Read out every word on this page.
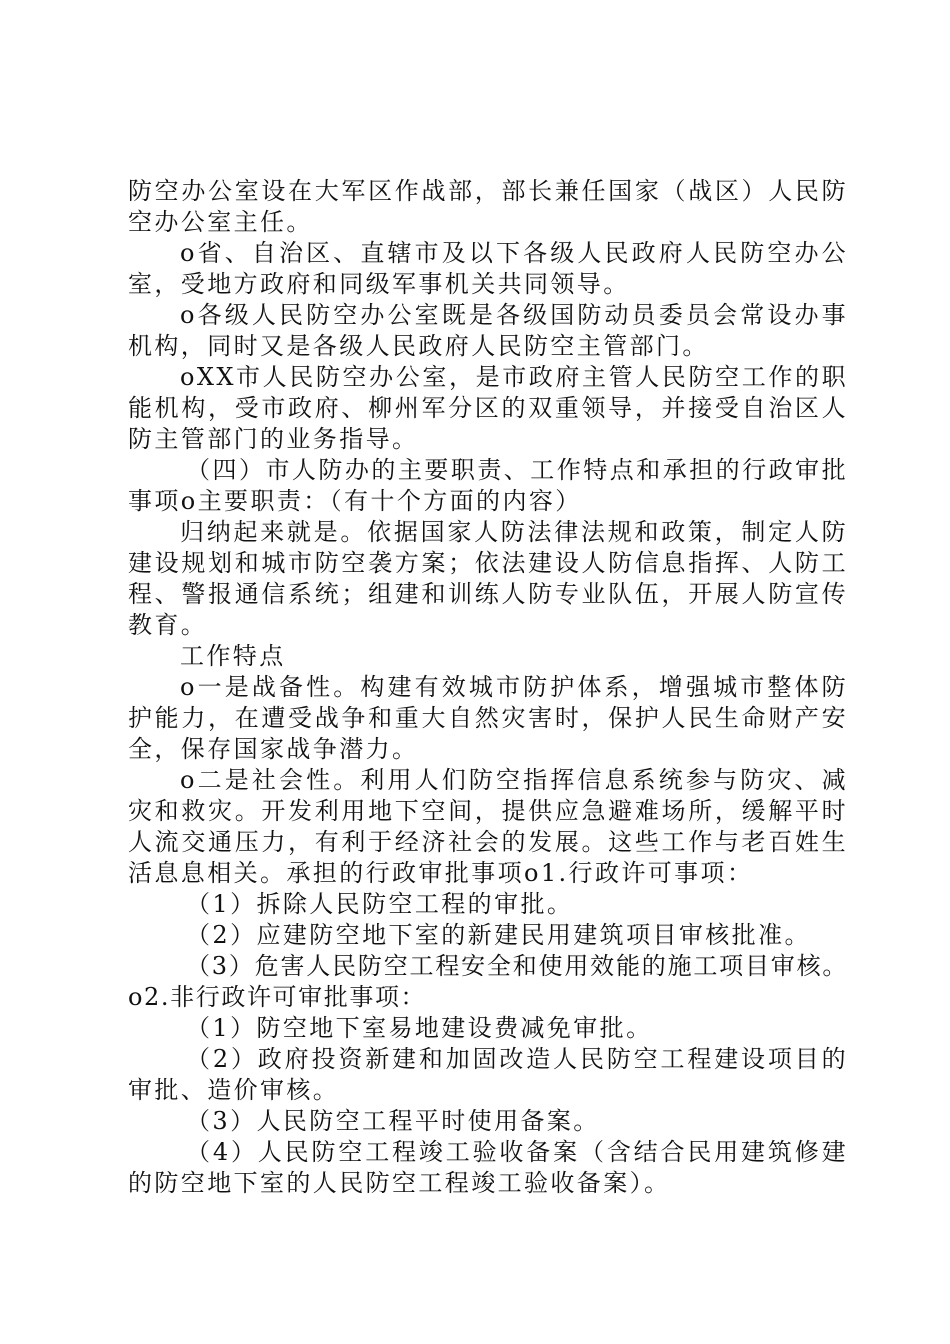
防空办公室设在大军区作战部，部长兼任国家（战区）人民防空办公室主任。

o省、自治区、直辖市及以下各级人民政府人民防空办公室，受地方政府和同级军事机关共同领导。

o各级人民防空办公室既是各级国防动员委员会常设办事机构，同时又是各级人民政府人民防空主管部门。

oXX市人民防空办公室，是市政府主管人民防空工作的职能机构，受市政府、柳州军分区的双重领导，并接受自治区人防主管部门的业务指导。

（四）市人防办的主要职责、工作特点和承担的行政审批事项o主要职责：（有十个方面的内容）

归纳起来就是。依据国家人防法律法规和政策，制定人防建设规划和城市防空袭方案；依法建设人防信息指挥、人防工程、警报通信系统；组建和训练人防专业队伍，开展人防宣传教育。

工作特点

o一是战备性。构建有效城市防护体系，增强城市整体防护能力，在遭受战争和重大自然灾害时，保护人民生命财产安全，保存国家战争潜力。

o二是社会性。利用人们防空指挥信息系统参与防灾、减灾和救灾。开发利用地下空间，提供应急避难场所，缓解平时人流交通压力，有利于经济社会的发展。这些工作与老百姓生活息息相关。承担的行政审批事项o1.行政许可事项：

（1）拆除人民防空工程的审批。

（2）应建防空地下室的新建民用建筑项目审核批准。

（3）危害人民防空工程安全和使用效能的施工项目审核。o2.非行政许可审批事项：

（1）防空地下室易地建设费减免审批。

（2）政府投资新建和加固改造人民防空工程建设项目的审批、造价审核。

（3）人民防空工程平时使用备案。

（4）人民防空工程竣工验收备案（含结合民用建筑修建的防空地下室的人民防空工程竣工验收备案）。
